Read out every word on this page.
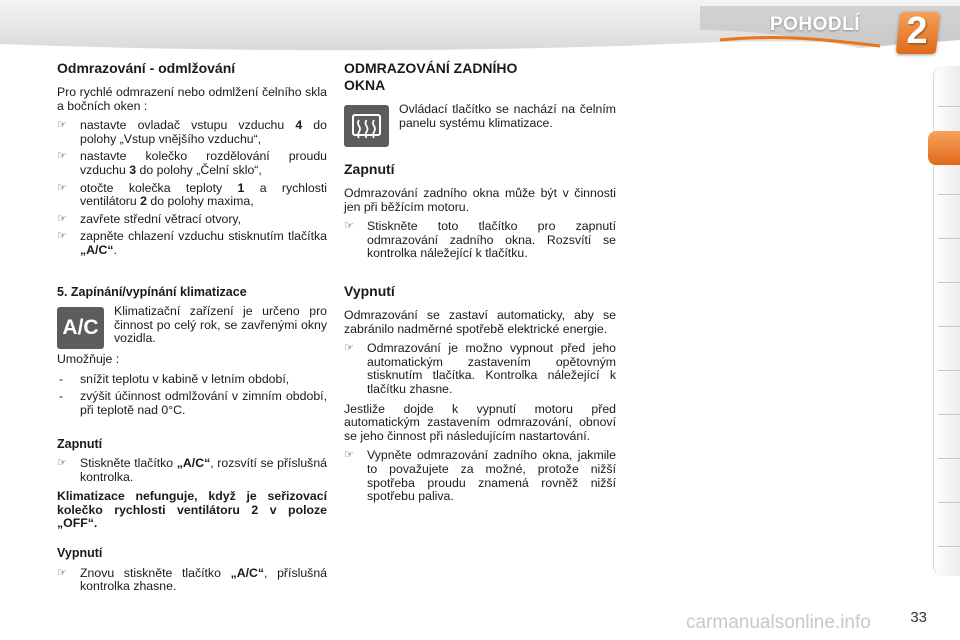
POHODLÍ 2
Odmrazování - odmlžování

Pro rychlé odmrazení nebo odmlžení čelního skla a bočních oken :

☞ nastavte ovladač vstupu vzduchu 4 do polohy „Vstup vnějšího vzduchu“,
☞ nastavte kolečko rozdělování proudu vzduchu 3 do polohy „Čelní sklo“,
☞ otočte kolečka teploty 1 a rychlosti ventilátoru 2 do polohy maxima,
☞ zavřete střední větrací otvory,
☞ zapněte chlazení vzduchu stisknutím tlačítka „A/C“.
5. Zapínání/vypínání klimatizace
A/C

Klimatizační zařízení je určeno pro činnost po celý rok, se zavřenými okny vozidla.

Umožňuje :

- snížit teplotu v kabině v letním období,
- zvýšit účinnost odmlžování v zimním období, při teplotě nad 0°C.
Zapnutí
☞ Stiskněte tlačítko „A/C“, rozsvítí se příslušná kontrolka.

Klimatizace nefunguje, když je seřizovací kolečko rychlosti ventilátoru 2 v poloze „OFF“.

Vypnutí
☞ Znovu stiskněte tlačítko „A/C“, příslušná kontrolka zhasne.
ODMRAZOVÁNÍ ZADNÍHO OKNA

Ovládací tlačítko se nachází na čelním panelu systému klimatizace.

Zapnutí

Odmrazování zadního okna může být v činnosti jen při běžícím motoru.

☞ Stiskněte toto tlačítko pro zapnutí odmrazování zadního okna. Rozsvítí se kontrolka náležející k tlačítku.
Vypnutí

Odmrazování se zastaví automaticky, aby se zabránilo nadměrné spotřebě elektrické energie.

☞ Odmrazování je možno vypnout před jeho automatickým zastavením opětovným stisknutím tlačítka. Kontrolka náležející k tlačítku zhasne.

Jestliže dojde k vypnutí motoru před automatickým zastavením odmrazování, obnoví se jeho činnost při následujícím nastartování.

☞ Vypněte odmrazování zadního okna, jakmile to považujete za možné, protože nižší spotřeba proudu znamená rovněž nižší spotřebu paliva.
33
carmanualsonline.info
